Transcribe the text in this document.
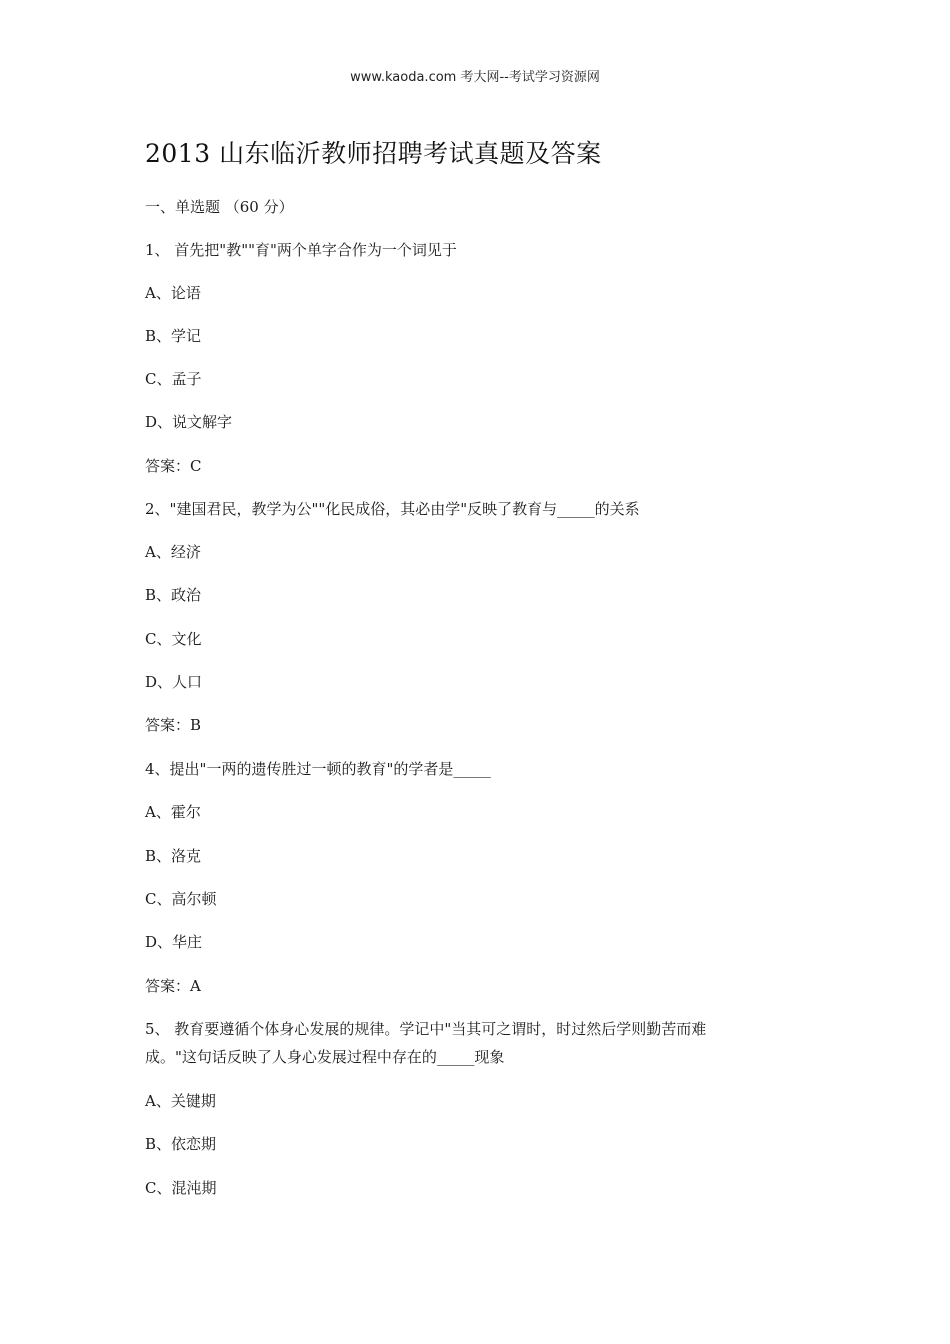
www.kaoda.com 考大网--考试学习资源网
2013 山东临沂教师招聘考试真题及答案
一、单选题 （60 分）
1、 首先把"教""育"两个单字合作为一个词见于
A、论语
B、学记
C、孟子
D、说文解字
答案：C
2、"建国君民，教学为公""化民成俗，其必由学"反映了教育与_____的关系
A、经济
B、政治
C、文化
D、人口
答案：B
4、提出"一两的遗传胜过一顿的教育"的学者是_____
A、霍尔
B、洛克
C、高尔顿
D、华庄
答案：A
5、 教育要遵循个体身心发展的规律。学记中"当其可之谓时，时过然后学则勤苦而难
成。"这句话反映了人身心发展过程中存在的_____现象
A、关键期
B、依恋期
C、混沌期
